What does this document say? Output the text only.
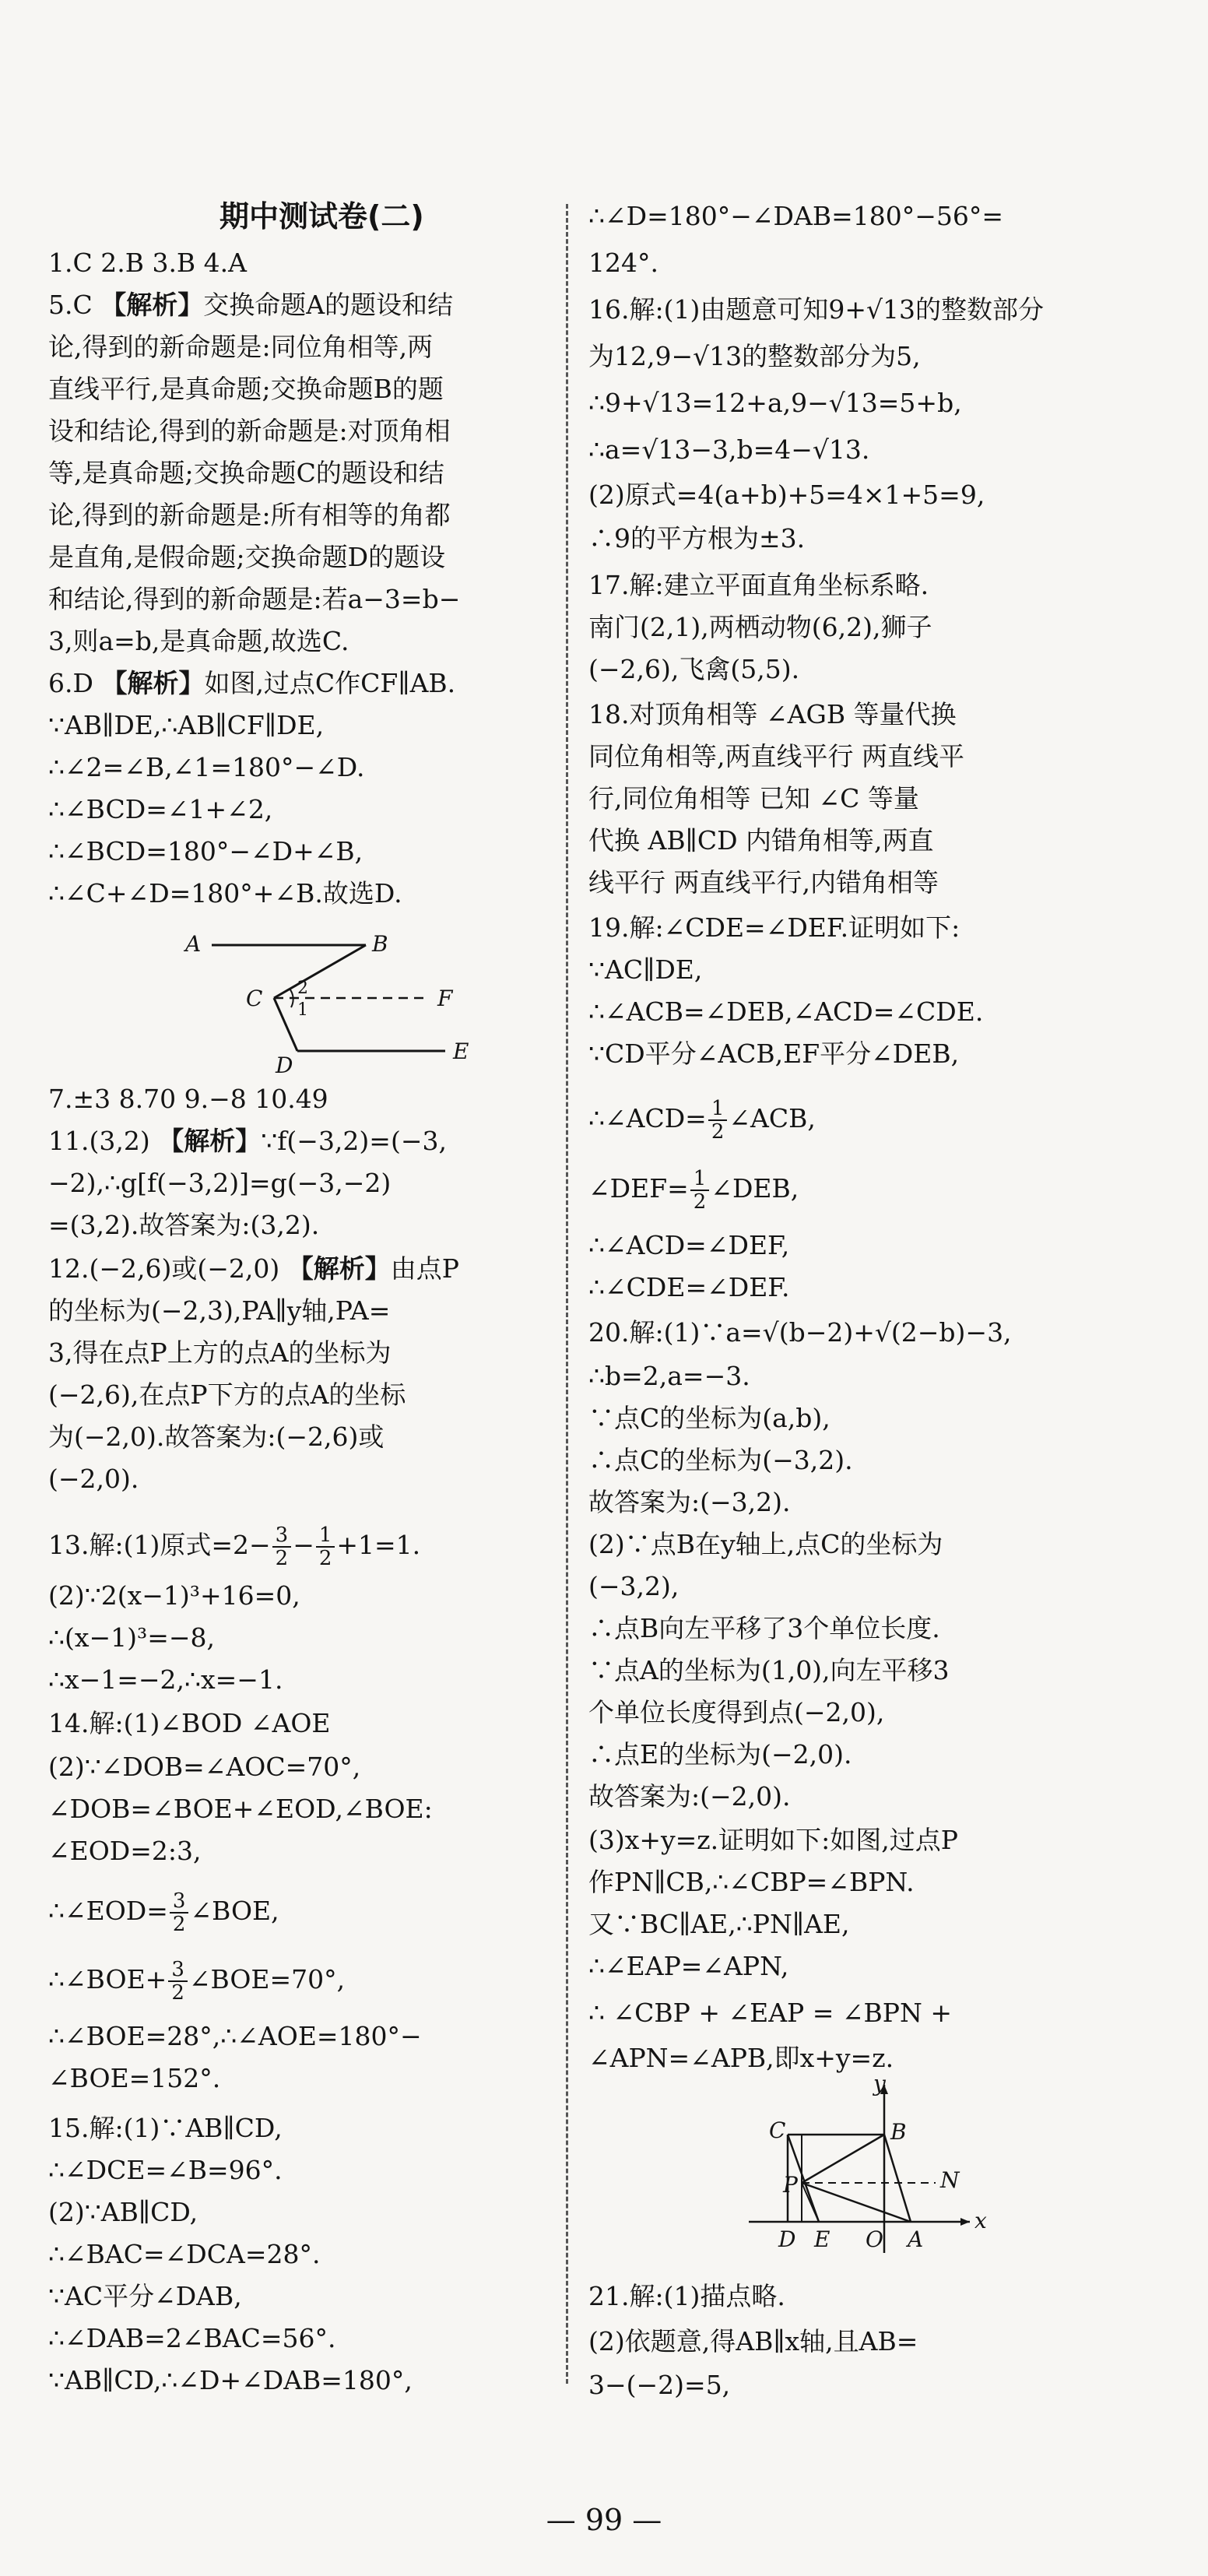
期中测试卷(二)
1.C 2.B 3.B 4.A
5.C 【解析】交换命题A的题设和结
论,得到的新命题是:同位角相等,两
直线平行,是真命题;交换命题B的题
设和结论,得到的新命题是:对顶角相
等,是真命题;交换命题C的题设和结
论,得到的新命题是:所有相等的角都
是直角,是假命题;交换命题D的题设
和结论,得到的新命题是:若a−3=b−
3,则a=b,是真命题,故选C.
6.D 【解析】如图,过点C作CF∥AB.
∵AB∥DE,∴AB∥CF∥DE,
∴∠2=∠B,∠1=180°−∠D.
∴∠BCD=∠1+∠2,
∴∠BCD=180°−∠D+∠B,
∴∠C+∠D=180°+∠B.故选D.
A	B
C	F
D
E
2
1
7.±3 8.70 9.−8 10.49
11.(3,2) 【解析】∵f(−3,2)=(−3,
−2),∴g[f(−3,2)]=g(−3,−2)
=(3,2).故答案为:(3,2).
12.(−2,6)或(−2,0) 【解析】由点P
的坐标为(−2,3),PA∥y轴,PA=
3,得在点P上方的点A的坐标为
(−2,6),在点P下方的点A的坐标
为(−2,0).故答案为:(−2,6)或
(−2,0).
13.解:(1)原式$=2- \frac{3}{2} - \frac{1}{2} +1=1$.
(2)∵2(x−1)³+16=0,
∴(x−1)³=−8,
∴x−1=−2,∴x=−1.
14.解:(1)∠BOD ∠AOE
(2)∵∠DOB=∠AOC=70°,
∠DOB=∠BOE+∠EOD,∠BOE:
∠EOD=2:3,
∴∠EOD= $\frac{3}{2}$ ∠BOE,
∴∠BOE+ $\frac{3}{2}$ ∠BOE=70°,
∴∠BOE=28°,∴∠AOE=180°−
∠BOE=152°.
15.解:(1)∵AB∥CD,
∴∠DCE=∠B=96°.
(2)∵AB∥CD,
∴∠BAC=∠DCA=28°.
∵AC平分∠DAB,
∴∠DAB=2∠BAC=56°.
∵AB∥CD,∴∠D+∠DAB=180°,
∴∠D=180°−∠DAB=180°−56°=
124°.
16.解:(1)由题意可知9+√13的整数部分
为12,9−√13的整数部分为5,
∴9+√13=12+a,9−√13=5+b,
∴a=√13−3,b=4−√13.
(2)原式=4(a+b)+5=4×1+5=9,
∴9的平方根为±3.
17.解:建立平面直角坐标系略.
南门(2,1),两栖动物(6,2),狮子
(−2,6),飞禽(5,5).
18.对顶角相等 ∠AGB 等量代换
同位角相等,两直线平行 两直线平
行,同位角相等 已知 ∠C 等量
代换 AB∥CD 内错角相等,两直
线平行 两直线平行,内错角相等
19.解:∠CDE=∠DEF.证明如下:
∵AC∥DE,
∴∠ACB=∠DEB,∠ACD=∠CDE.
∵CD平分∠ACB,EF平分∠DEB,
∴∠ACD= $\frac{1}{2}$ ∠ACB,
∠DEF= $\frac{1}{2}$ ∠DEB,
∴∠ACD=∠DEF,
∴∠CDE=∠DEF.
20.解:(1)∵a=√(b−2)+√(2−b)−3,
∴b=2,a=−3.
∵点C的坐标为(a,b),
∴点C的坐标为(−3,2).
故答案为:(−3,2).
(2)∵点B在y轴上,点C的坐标为
(−3,2),
∴点B向左平移了3个单位长度.
∵点A的坐标为(1,0),向左平移3
个单位长度得到点(−2,0),
∴点E的坐标为(−2,0).
故答案为:(−2,0).
(3)x+y=z.证明如下:如图,过点P
作PN∥CB,∴∠CBP=∠BPN.
又∵BC∥AE,∴PN∥AE,
∴∠EAP=∠APN,
∴ ∠CBP + ∠EAP = ∠BPN +
∠APN=∠APB,即x+y=z.
y
x
C	B
P	N
D E O A
21.解:(1)描点略.
(2)依题意,得AB∥x轴,且AB=
3−(−2)=5,
— 99 —
